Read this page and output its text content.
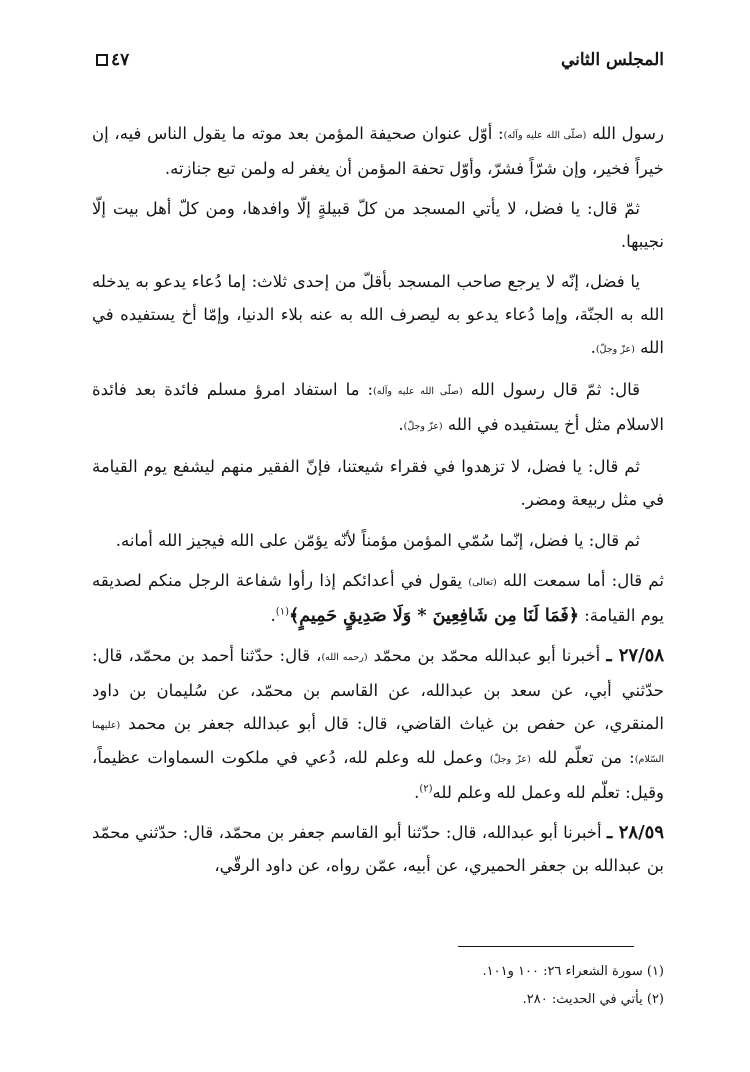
المجلس الثاني
٤٧

رسول الله (صلّى الله عليه وآله): أوّل عنوان صحيفة المؤمن بعد موته ما يقول الناس فيه، إن خيراً فخير، وإن شرّاً فشرّ، وأوّل تحفة المؤمن أن يغفر له ولمن تبع جنازته.

ثمّ قال: يا فضل، لا يأتي المسجد من كلّ قبيلةٍ إلّا وافدها، ومن كلّ أهل بيت إلّا نجيبها.

يا فضل، إنّه لا يرجع صاحب المسجد بأقلّ من إحدى ثلاث: إما دُعاء يدعو به يدخله الله به الجنّة، وإما دُعاء يدعو به ليصرف الله به عنه بلاء الدنيا، وإمّا أخ يستفيده في الله (عزّ وجلّ).

قال: ثمّ قال رسول الله (صلّى الله عليه وآله): ما استفاد امرؤ مسلم فائدة بعد فائدة الاسلام مثل أخ يستفيده في الله (عزّ وجلّ).

ثم قال: يا فضل، لا تزهدوا في فقراء شيعتنا، فإنّ الفقير منهم ليشفع يوم القيامة في مثل ربيعة ومضر.

ثم قال: يا فضل، إنّما سُمّي المؤمن مؤمناً لأنّه يؤمّن على الله فيجيز الله أمانه.

ثم قال: أما سمعت الله (تعالى) يقول في أعدائكم إذا رأوا شفاعة الرجل منكم لصديقه يوم القيامة: ﴿فَمَا لَنَا مِن شَافِعِينَ * وَلَا صَدِيقٍ حَمِيمٍ﴾$^{(١)}$.

٢٧/٥٨ ـ أخبرنا أبو عبدالله محمّد بن محمّد (رحمه الله)، قال: حدّثنا أحمد بن محمّد، قال: حدّثني أبي، عن سعد بن عبدالله، عن القاسم بن محمّد، عن سُليمان بن داود المنقري، عن حفص بن غياث القاضي، قال: قال أبو عبدالله جعفر بن محمد (عليهما السّلام): من تعلّم لله (عزّ وجلّ) وعمل لله وعلم لله، دُعي في ملكوت السماوات عظيماً، وقيل: تعلّم لله وعمل لله وعلم لله$^{(٢)}$.

٢٨/٥٩ ـ أخبرنا أبو عبدالله، قال: حدّثنا أبو القاسم جعفر بن محمّد، قال: حدّثني محمّد بن عبدالله بن جعفر الحميري، عن أبيه، عمّن رواه، عن داود الرقّي،

(١) سورة الشعراء ٢٦: ١٠٠ و١٠١.

(٢) يأتي في الحديث: ٢٨٠.
